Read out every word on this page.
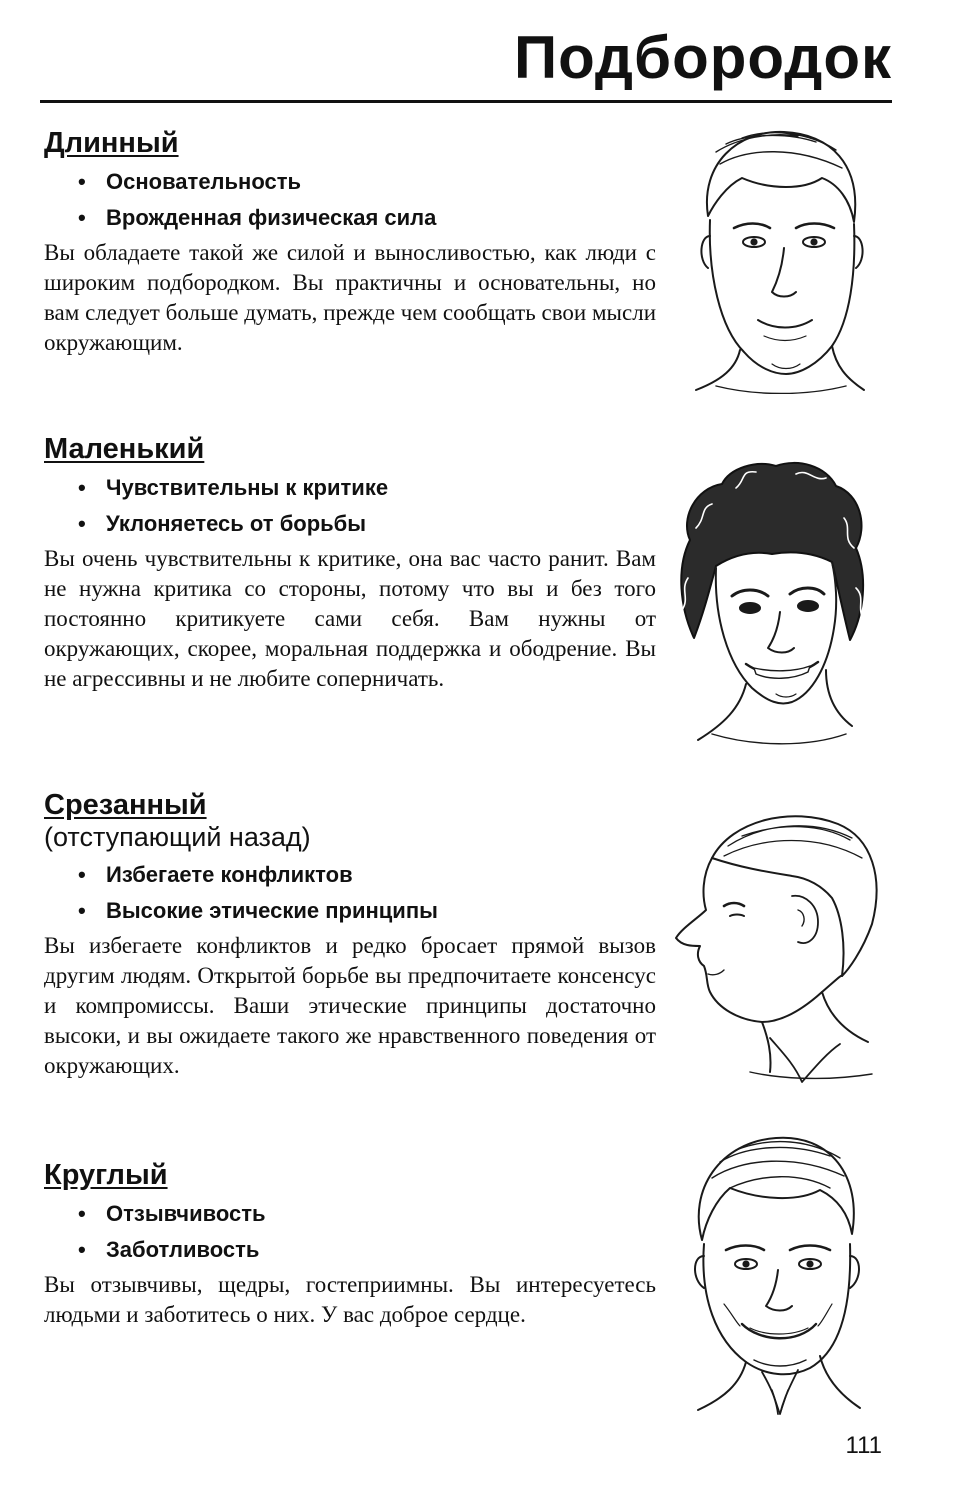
Подбородок
Длинный
• Основательность
• Врожденная физическая сила

Вы обладаете такой же силой и выносливостью, как люди с широким подбородком. Вы практичны и основательны, но вам следует больше думать, прежде чем сообщать свои мысли окружающим.

Маленький
• Чувствительны к критике
• Уклоняетесь от борьбы

Вы очень чувствительны к критике, она вас часто ранит. Вам не нужна критика со стороны, потому что вы и без того постоянно критикуете сами себя. Вам нужны от окружающих, скорее, моральная поддержка и ободрение. Вы не агрессивны и не любите соперничать.

Срезанный

(отступающий назад)

• Избегаете конфликтов
• Высокие этические принципы

Вы избегаете конфликтов и редко бросает прямой вызов другим людям. Открытой борьбе вы предпочитаете консенсус и компромиссы. Ваши этические принципы достаточно высоки, и вы ожидаете такого же нравственного поведения от окружающих.

Круглый
• Отзывчивость
• Заботливость

Вы отзывчивы, щедры, гостеприимны. Вы интересуетесь людьми и заботитесь о них. У вас доброе сердце.

111
